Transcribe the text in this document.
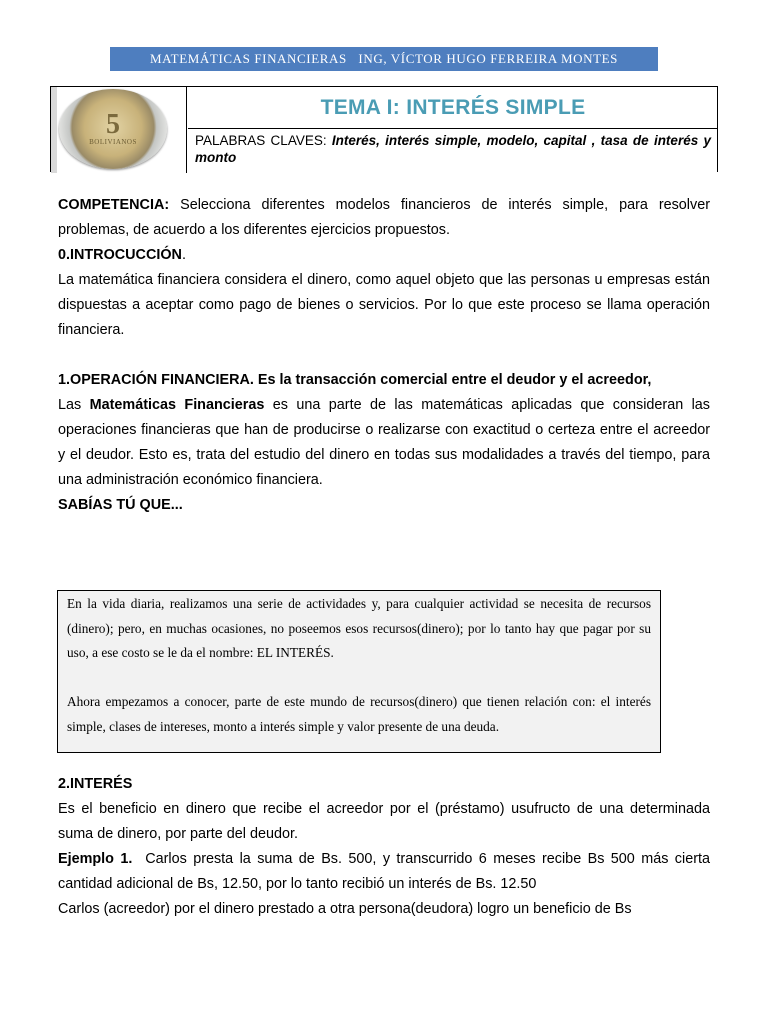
MATEMÁTICAS FINANCIERAS   ING, VÍCTOR HUGO FERREIRA MONTES
5
BOLIVIANOS
TEMA I: INTERÉS SIMPLE
PALABRAS CLAVES: Interés, interés simple, modelo, capital , tasa de interés y monto

COMPETENCIA: Selecciona diferentes modelos financieros de interés simple, para resolver problemas, de acuerdo a los diferentes ejercicios propuestos.

0.INTROCUCCIÓN.

La matemática financiera considera el dinero, como aquel objeto que las personas u empresas están dispuestas a aceptar como pago de bienes o servicios. Por lo que este proceso se llama operación financiera.

1.OPERACIÓN FINANCIERA. Es la transacción comercial entre el deudor y el acreedor,

Las Matemáticas Financieras es una parte de las matemáticas aplicadas que consideran las operaciones financieras que han de producirse o realizarse con exactitud o certeza entre el acreedor y el deudor. Esto es, trata del estudio del dinero en todas sus modalidades a través del tiempo, para una administración económico financiera.

SABÍAS TÚ QUE...

En la vida diaria, realizamos una serie de actividades y, para cualquier actividad se necesita de recursos (dinero); pero, en muchas ocasiones, no poseemos esos recursos(dinero); por lo tanto hay que pagar por su uso, a ese costo se le da el nombre: EL INTERÉS.

Ahora empezamos a conocer, parte de este mundo de recursos(dinero) que tienen relación con: el interés simple, clases de intereses, monto a interés simple y valor presente de una deuda.

2.INTERÉS

Es el beneficio en dinero que recibe el acreedor por el (préstamo) usufructo de una determinada suma de dinero, por parte del deudor.

Ejemplo 1.  Carlos presta la suma de Bs. 500, y transcurrido 6 meses recibe Bs 500 más cierta cantidad adicional de Bs, 12.50, por lo tanto recibió un interés de Bs. 12.50

Carlos (acreedor) por el dinero prestado a otra persona(deudora) logro un beneficio de Bs
